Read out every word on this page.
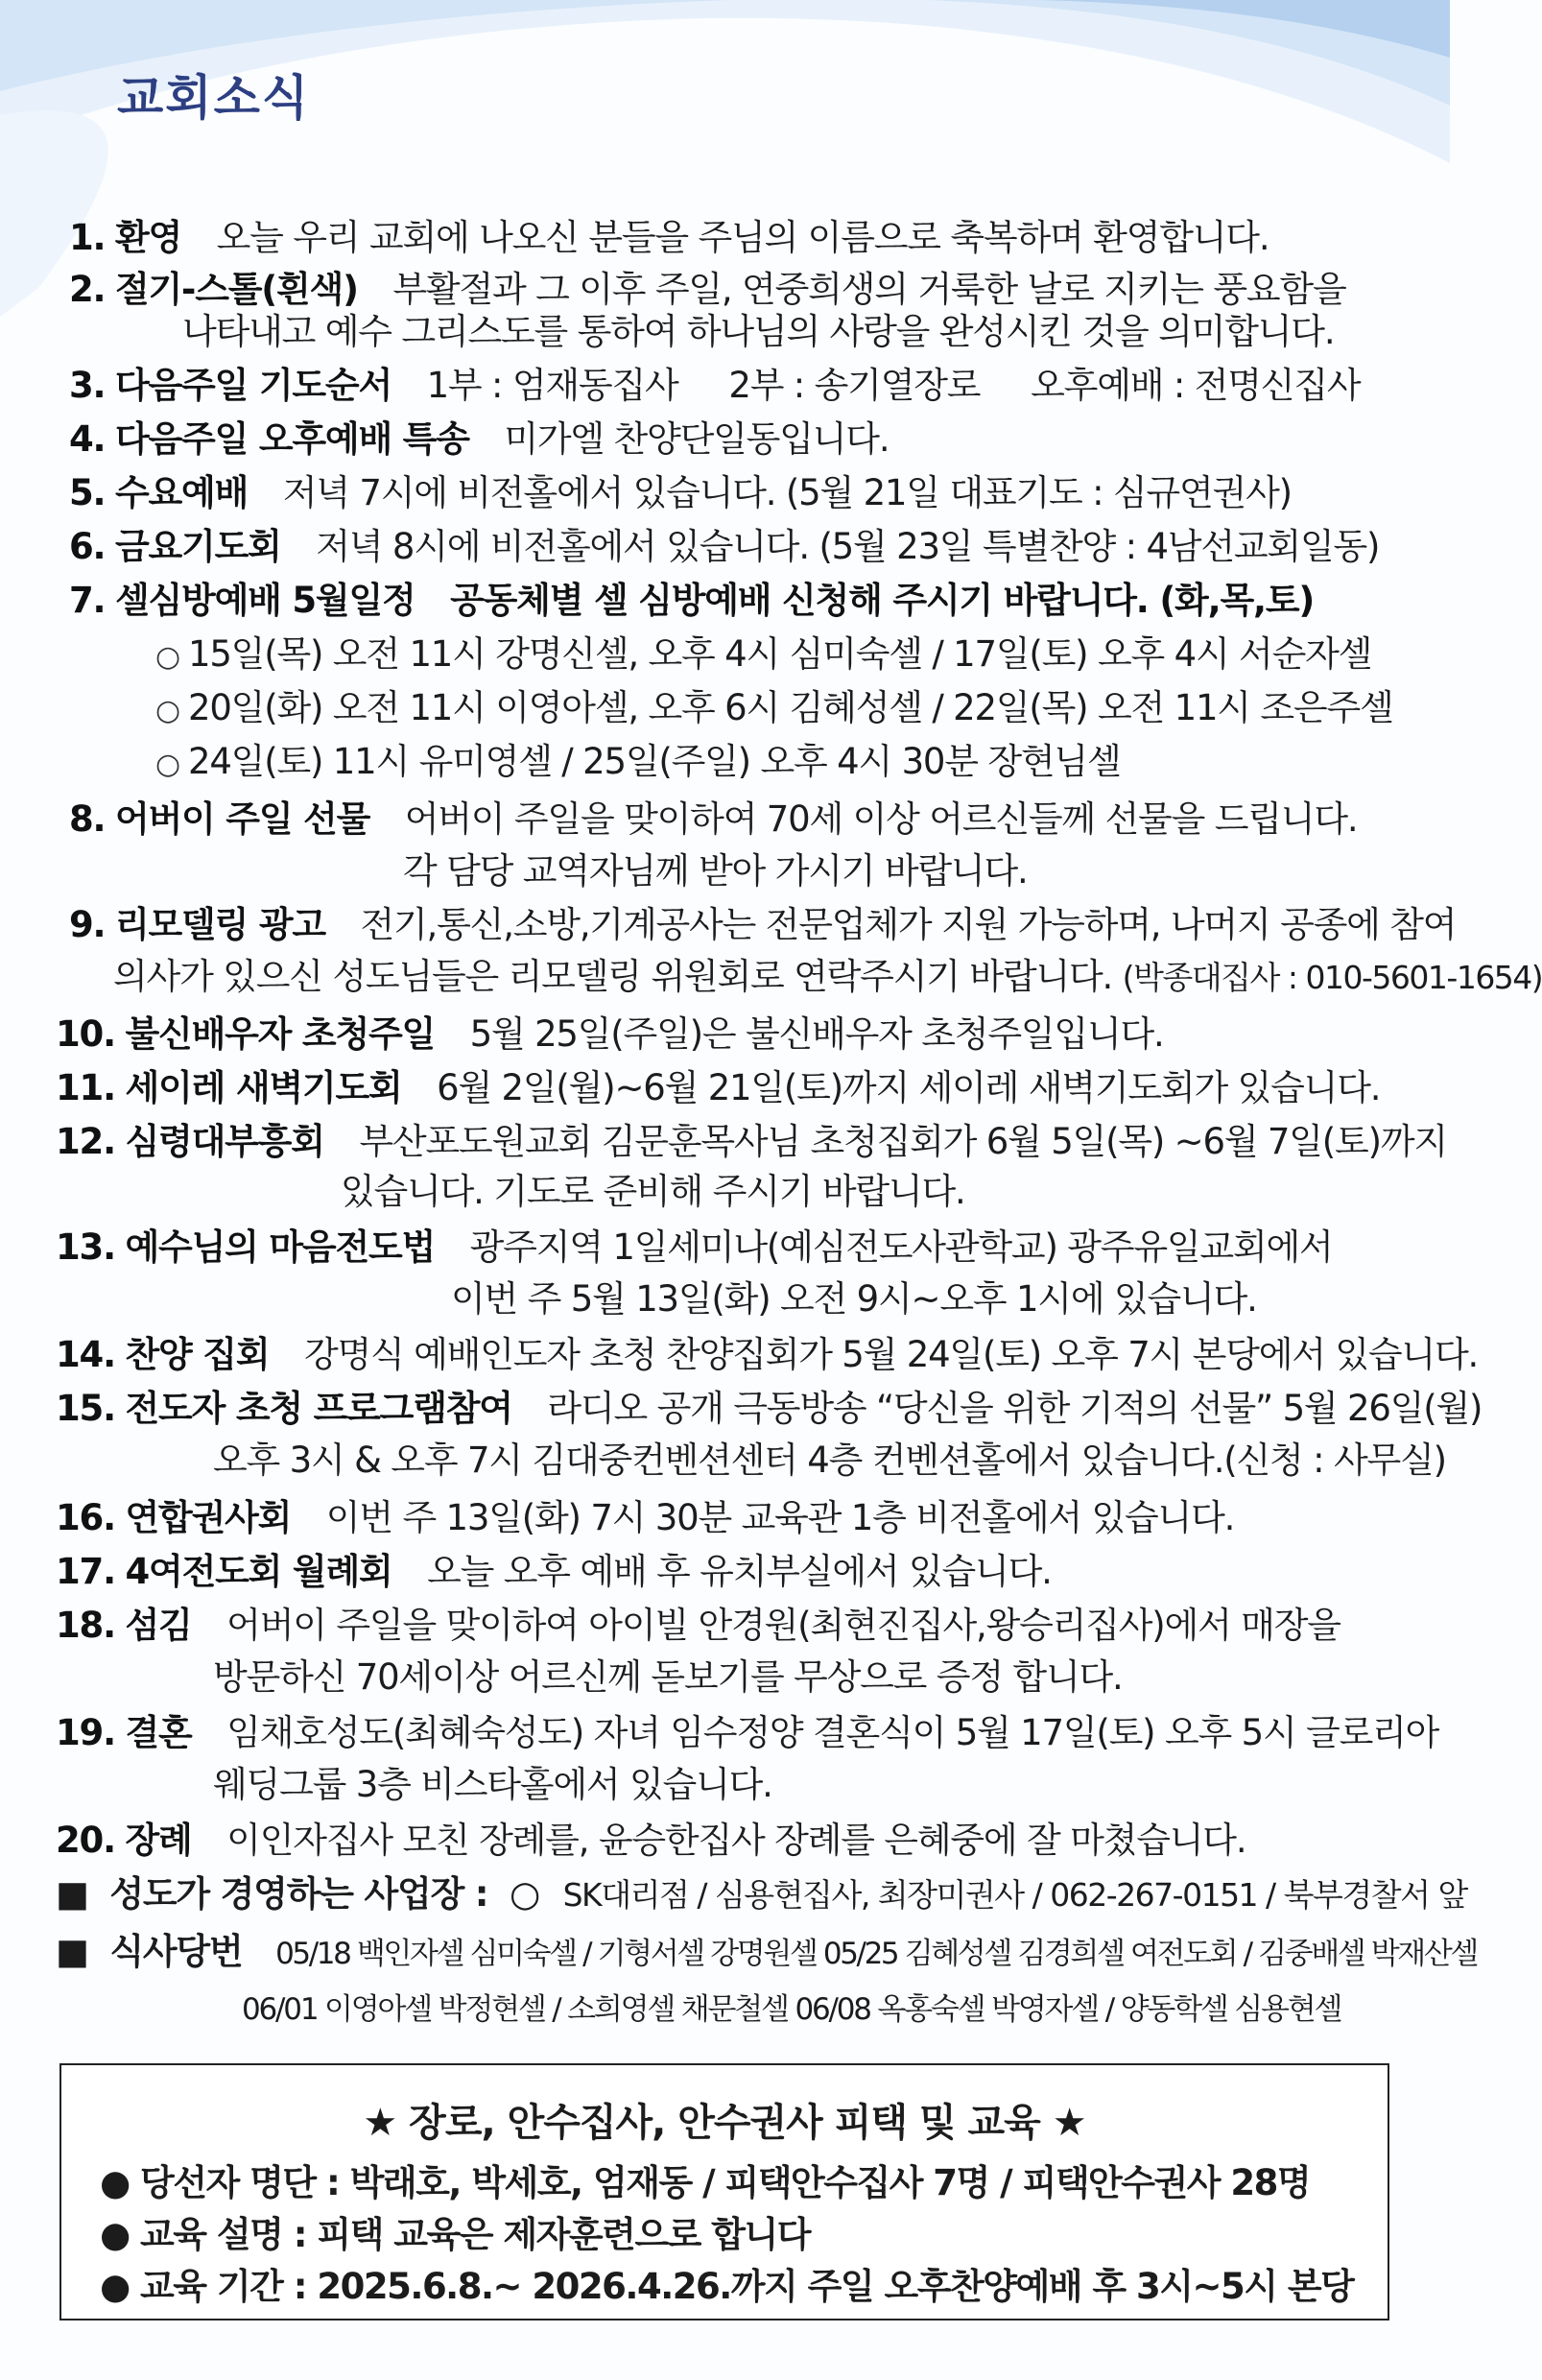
교회소식
1. 환영 오늘 우리 교회에 나오신 분들을 주님의 이름으로 축복하며 환영합니다.
2. 절기-스톨(흰색) 부활절과 그 이후 주일, 연중희생의 거룩한 날로 지키는 풍요함을
나타내고 예수 그리스도를 통하여 하나님의 사랑을 완성시킨 것을 의미합니다.
3. 다음주일 기도순서 1부 : 엄재동집사     2부 : 송기열장로     오후예배 : 전명신집사
4. 다음주일 오후예배 특송 미가엘 찬양단일동입니다.
5. 수요예배 저녁 7시에 비전홀에서 있습니다. (5월 21일 대표기도 : 심규연권사)
6. 금요기도회 저녁 8시에 비전홀에서 있습니다. (5월 23일 특별찬양 : 4남선교회일동)
7. 셀심방예배 5월일정 공동체별 셀 심방예배 신청해 주시기 바랍니다. (화,목,토)
○ 15일(목) 오전 11시 강명신셀, 오후 4시 심미숙셀 / 17일(토) 오후 4시 서순자셀
○ 20일(화) 오전 11시 이영아셀, 오후 6시 김혜성셀 / 22일(목) 오전 11시 조은주셀
○ 24일(토) 11시 유미영셀 / 25일(주일) 오후 4시 30분 장현님셀
8. 어버이 주일 선물 어버이 주일을 맞이하여 70세 이상 어르신들께 선물을 드립니다.
각 담당 교역자님께 받아 가시기 바랍니다.
9. 리모델링 광고 전기,통신,소방,기계공사는 전문업체가 지원 가능하며, 나머지 공종에 참여
의사가 있으신 성도님들은 리모델링 위원회로 연락주시기 바랍니다. (박종대집사 : 010-5601-1654)
10. 불신배우자 초청주일 5월 25일(주일)은 불신배우자 초청주일입니다.
11. 세이레 새벽기도회 6월 2일(월)~6월 21일(토)까지 세이레 새벽기도회가 있습니다.
12. 심령대부흥회 부산포도원교회 김문훈목사님 초청집회가 6월 5일(목) ~6월 7일(토)까지
있습니다. 기도로 준비해 주시기 바랍니다.
13. 예수님의 마음전도법 광주지역 1일세미나(예심전도사관학교) 광주유일교회에서
이번 주 5월 13일(화) 오전 9시~오후 1시에 있습니다.
14. 찬양 집회 강명식 예배인도자 초청 찬양집회가 5월 24일(토) 오후 7시 본당에서 있습니다.
15. 전도자 초청 프로그램참여 라디오 공개 극동방송 “당신을 위한 기적의 선물” 5월 26일(월)
오후 3시 & 오후 7시 김대중컨벤션센터 4층 컨벤션홀에서 있습니다.(신청 : 사무실)
16. 연합권사회 이번 주 13일(화) 7시 30분 교육관 1층 비전홀에서 있습니다.
17. 4여전도회 월례회 오늘 오후 예배 후 유치부실에서 있습니다.
18. 섬김 어버이 주일을 맞이하여 아이빌 안경원(최현진집사,왕승리집사)에서 매장을
방문하신 70세이상 어르신께 돋보기를 무상으로 증정 합니다.
19. 결혼 임채호성도(최혜숙성도) 자녀 임수정양 결혼식이 5월 17일(토) 오후 5시 글로리아
웨딩그룹 3층 비스타홀에서 있습니다.
20. 장례 이인자집사 모친 장례를, 윤승한집사 장례를 은혜중에 잘 마쳤습니다.
■ 성도가 경영하는 사업장 : ○ SK대리점 / 심용현집사, 최장미권사 / 062-267-0151 / 북부경찰서 앞
■ 식사당번 05/18 백인자셀 심미숙셀 / 기형서셀 강명원셀 05/25 김혜성셀 김경희셀 여전도회 / 김중배셀 박재산셀
06/01 이영아셀 박정현셀 / 소희영셀 채문철셀 06/08 옥홍숙셀 박영자셀 / 양동학셀 심용현셀
★ 장로, 안수집사, 안수권사 피택 및 교육 ★
● 당선자 명단 : 박래호, 박세호, 엄재동 / 피택안수집사 7명 / 피택안수권사 28명
● 교육 설명 : 피택 교육은 제자훈련으로 합니다
● 교육 기간 : 2025.6.8.~ 2026.4.26.까지 주일 오후찬양예배 후 3시~5시 본당
